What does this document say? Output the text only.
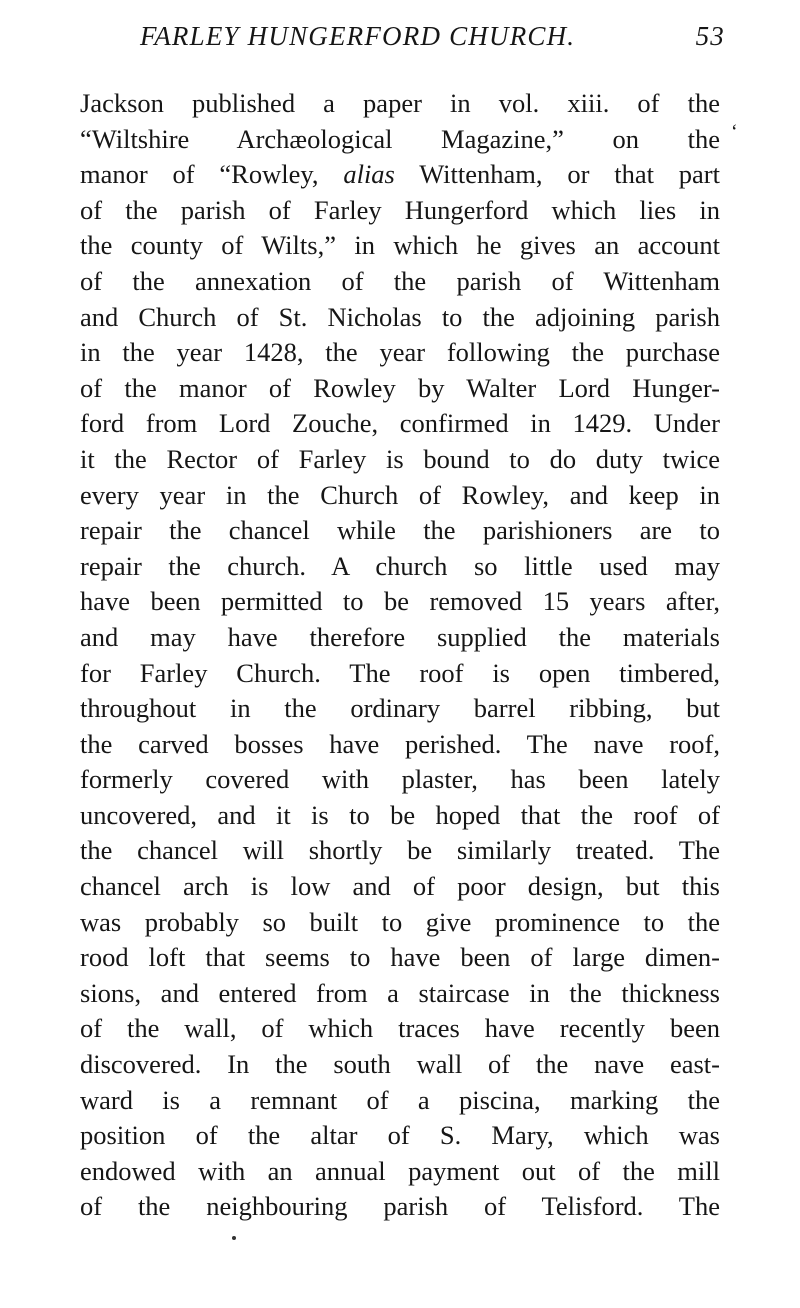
FARLEY HUNGERFORD CHURCH.	53
‘
Jackson published a paper in vol. xiii. of the
“Wiltshire Archæological Magazine,” on the
manor of “Rowley, alias Wittenham, or that part
of the parish of Farley Hungerford which lies in
the county of Wilts,” in which he gives an account
of the annexation of the parish of Wittenham
and Church of St. Nicholas to the adjoining parish
in the year 1428, the year following the purchase
of the manor of Rowley by Walter Lord Hunger-
ford from Lord Zouche, confirmed in 1429. Under
it the Rector of Farley is bound to do duty twice
every year in the Church of Rowley, and keep in
repair the chancel while the parishioners are to
repair the church. A church so little used may
have been permitted to be removed 15 years after,
and may have therefore supplied the materials
for Farley Church. The roof is open timbered,
throughout in the ordinary barrel ribbing, but
the carved bosses have perished. The nave roof,
formerly covered with plaster, has been lately
uncovered, and it is to be hoped that the roof of
the chancel will shortly be similarly treated. The
chancel arch is low and of poor design, but this
was probably so built to give prominence to the
rood loft that seems to have been of large dimen-
sions, and entered from a staircase in the thickness
of the wall, of which traces have recently been
discovered. In the south wall of the nave east-
ward is a remnant of a piscina, marking the
position of the altar of S. Mary, which was
endowed with an annual payment out of the mill
of the neighbouring parish of Telisford. The
